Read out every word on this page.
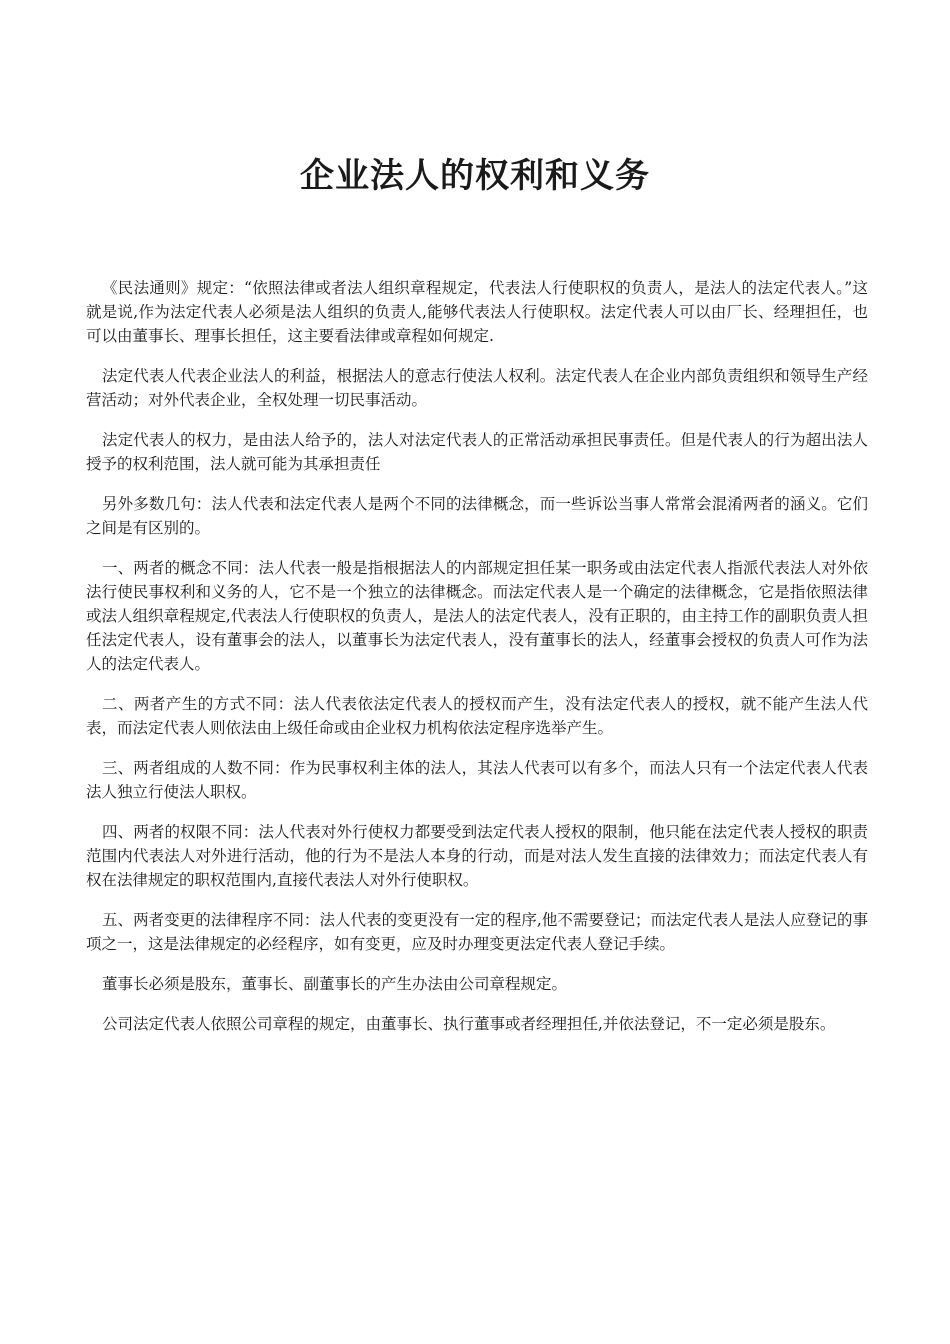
企业法人的权利和义务

《民法通则》规定：“依照法律或者法人组织章程规定，代表法人行使职权的负责人，是法人的法定代表人。”这就是说,作为法定代表人必须是法人组织的负责人,能够代表法人行使职权。法定代表人可以由厂长、经理担任，也可以由董事长、理事长担任，这主要看法律或章程如何规定.

法定代表人代表企业法人的利益，根据法人的意志行使法人权利。法定代表人在企业内部负责组织和领导生产经营活动；对外代表企业，全权处理一切民事活动。

法定代表人的权力，是由法人给予的，法人对法定代表人的正常活动承担民事责任。但是代表人的行为超出法人授予的权利范围，法人就可能为其承担责任

另外多数几句：法人代表和法定代表人是两个不同的法律概念，而一些诉讼当事人常常会混淆两者的涵义。它们之间是有区别的。

一、两者的概念不同：法人代表一般是指根据法人的内部规定担任某一职务或由法定代表人指派代表法人对外依法行使民事权利和义务的人，它不是一个独立的法律概念。而法定代表人是一个确定的法律概念，它是指依照法律或法人组织章程规定,代表法人行使职权的负责人，是法人的法定代表人，没有正职的，由主持工作的副职负责人担任法定代表人，设有董事会的法人，以董事长为法定代表人，没有董事长的法人，经董事会授权的负责人可作为法人的法定代表人。

二、两者产生的方式不同：法人代表依法定代表人的授权而产生，没有法定代表人的授权，就不能产生法人代表，而法定代表人则依法由上级任命或由企业权力机构依法定程序选举产生。

三、两者组成的人数不同：作为民事权利主体的法人，其法人代表可以有多个，而法人只有一个法定代表人代表法人独立行使法人职权。

四、两者的权限不同：法人代表对外行使权力都要受到法定代表人授权的限制，他只能在法定代表人授权的职责范围内代表法人对外进行活动，他的行为不是法人本身的行动，而是对法人发生直接的法律效力；而法定代表人有权在法律规定的职权范围内,直接代表法人对外行使职权。

五、两者变更的法律程序不同：法人代表的变更没有一定的程序,他不需要登记；而法定代表人是法人应登记的事项之一，这是法律规定的必经程序，如有变更，应及时办理变更法定代表人登记手续。

董事长必须是股东，董事长、副董事长的产生办法由公司章程规定。

公司法定代表人依照公司章程的规定，由董事长、执行董事或者经理担任,并依法登记，不一定必须是股东。
